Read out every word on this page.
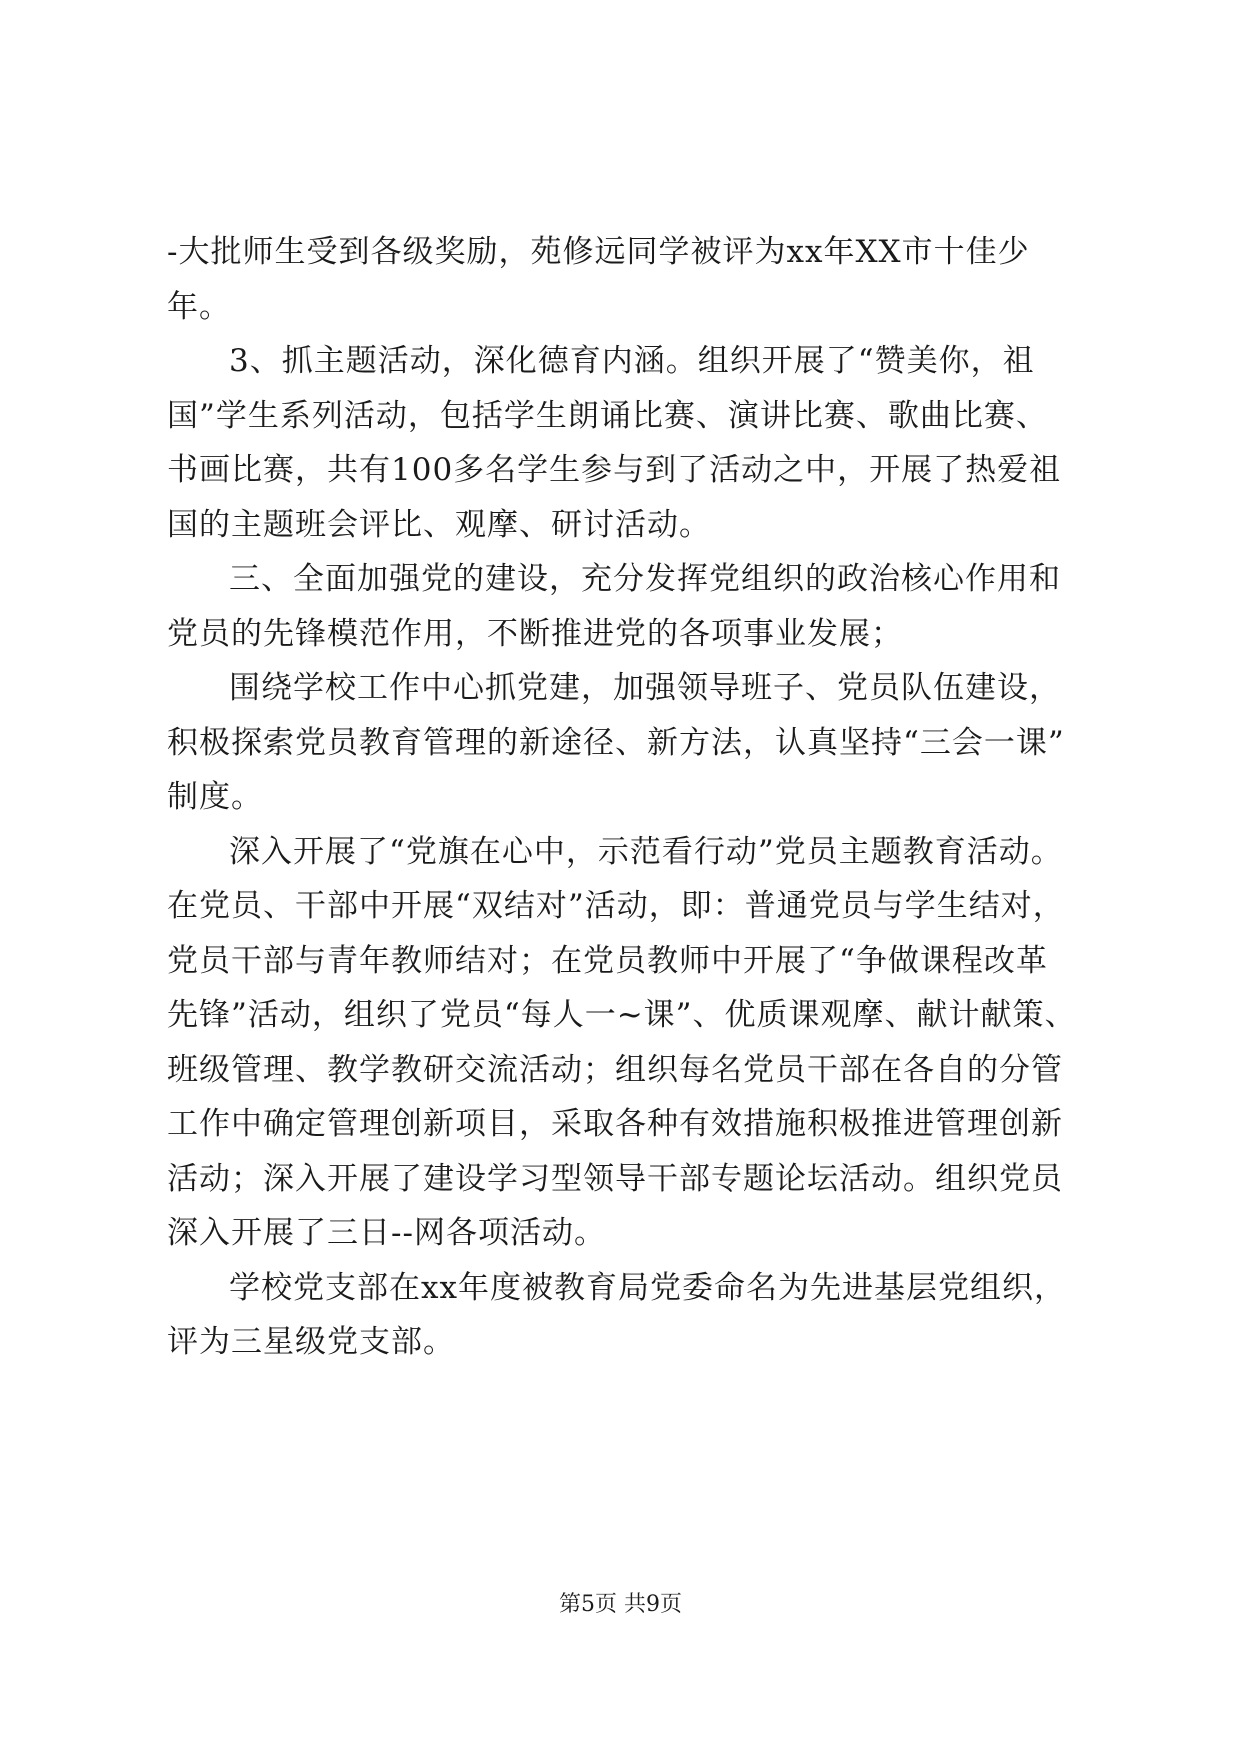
-大批师生受到各级奖励，苑修远同学被评为xx年XX市十佳少
年。
3、抓主题活动，深化德育内涵。组织开展了“赞美你，祖
国”学生系列活动，包括学生朗诵比赛、演讲比赛、歌曲比赛、
书画比赛，共有100多名学生参与到了活动之中，开展了热爱祖
国的主题班会评比、观摩、研讨活动。
三、全面加强党的建设，充分发挥党组织的政治核心作用和
党员的先锋模范作用，不断推进党的各项事业发展；
围绕学校工作中心抓党建，加强领导班子、党员队伍建设，
积极探索党员教育管理的新途径、新方法，认真坚持“三会一课”
制度。
深入开展了“党旗在心中，示范看行动”党员主题教育活动。
在党员、干部中开展“双结对”活动，即：普通党员与学生结对，
党员干部与青年教师结对；在党员教师中开展了“争做课程改革
先锋”活动，组织了党员“每人一~课”、优质课观摩、献计献策、
班级管理、教学教研交流活动；组织每名党员干部在各自的分管
工作中确定管理创新项目，采取各种有效措施积极推进管理创新
活动；深入开展了建设学习型领导干部专题论坛活动。组织党员
深入开展了三日--网各项活动。
学校党支部在xx年度被教育局党委命名为先进基层党组织，
评为三星级党支部。
第5页 共9页
